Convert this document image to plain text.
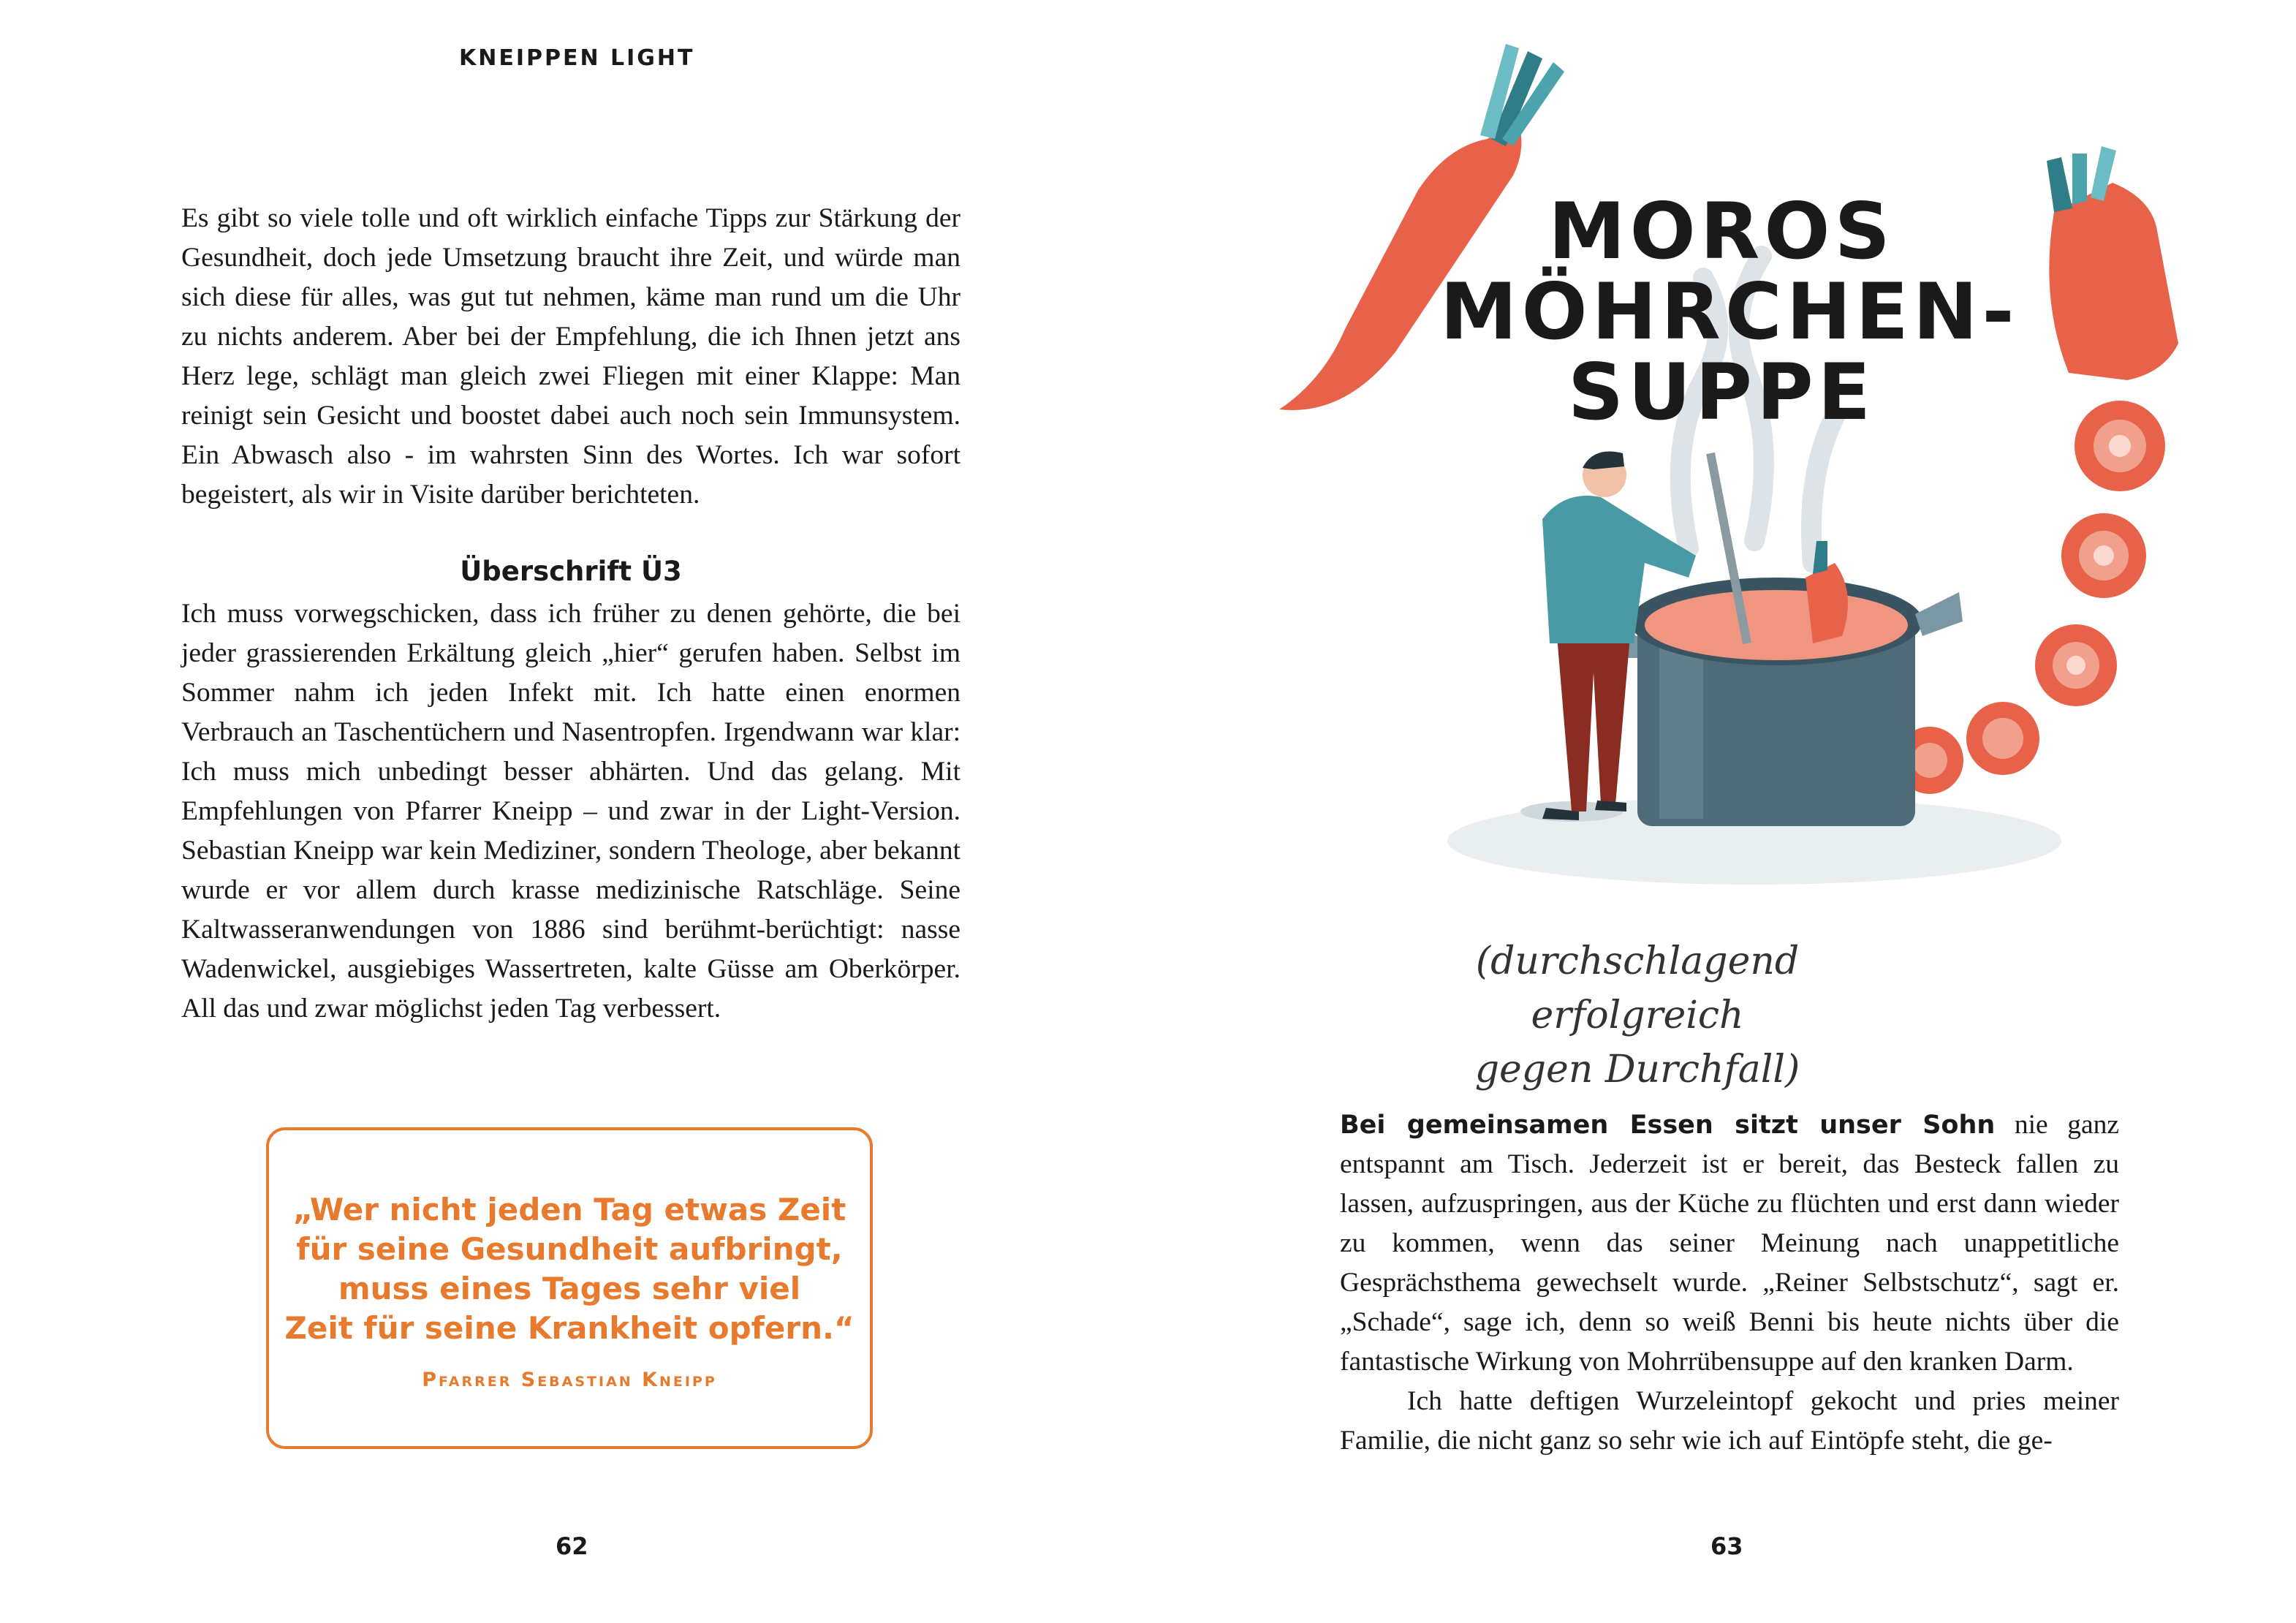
KNEIPPEN LIGHT

Es gibt so viele tolle und oft wirklich einfache Tipps zur Stärkung der Gesundheit, doch jede Umsetzung braucht ihre Zeit, und würde man sich diese für alles, was gut tut nehmen, käme man rund um die Uhr zu nichts anderem. Aber bei der Empfehlung, die ich Ihnen jetzt ans Herz lege, schlägt man gleich zwei Fliegen mit einer Klappe: Man reinigt sein Gesicht und boostet dabei auch noch sein Immunsystem. Ein Abwasch also - im wahrsten Sinn des Wortes. Ich war sofort begeistert, als wir in Visite darüber berichteten.

Überschrift Ü3

Ich muss vorwegschicken, dass ich früher zu denen gehörte, die bei jeder grassierenden Erkältung gleich „hier“ gerufen haben. Selbst im Sommer nahm ich jeden Infekt mit. Ich hatte einen enormen Verbrauch an Taschentüchern und Nasentropfen. Irgendwann war klar: Ich muss mich unbedingt besser abhärten. Und das gelang. Mit Empfehlungen von Pfarrer Kneipp – und zwar in der Light-Version. Sebastian Kneipp war kein Mediziner, sondern Theologe, aber bekannt wurde er vor allem durch krasse medizinische Ratschläge. Seine Kaltwasseranwendungen von 1886 sind berühmt-berüchtigt: nasse Wadenwickel, ausgiebiges Wassertreten, kalte Güsse am Oberkörper. All das und zwar möglichst jeden Tag verbessert.

„Wer nicht jeden Tag etwas Zeit
für seine Gesundheit aufbringt,
muss eines Tages sehr viel
Zeit für seine Krankheit opfern.“
Pfarrer Sebastian Kneipp
62
MOROS
MÖHRCHEN-
SUPPE
(durchschlagend erfolgreich
gegen Durchfall)

Bei gemeinsamen Essen sitzt unser Sohn nie ganz entspannt am Tisch. Jederzeit ist er bereit, das Besteck fallen zu lassen, aufzuspringen, aus der Küche zu flüchten und erst dann wieder zu kommen, wenn das seiner Meinung nach unappetitliche Gesprächsthema gewechselt wurde. „Reiner Selbstschutz“, sagt er. „Schade“, sage ich, denn so weiß Benni bis heute nichts über die fantastische Wirkung von Mohrrübensuppe auf den kranken Darm.

Ich hatte deftigen Wurzeleintopf gekocht und pries meiner Familie, die nicht ganz so sehr wie ich auf Eintöpfe steht, die ge-

63
